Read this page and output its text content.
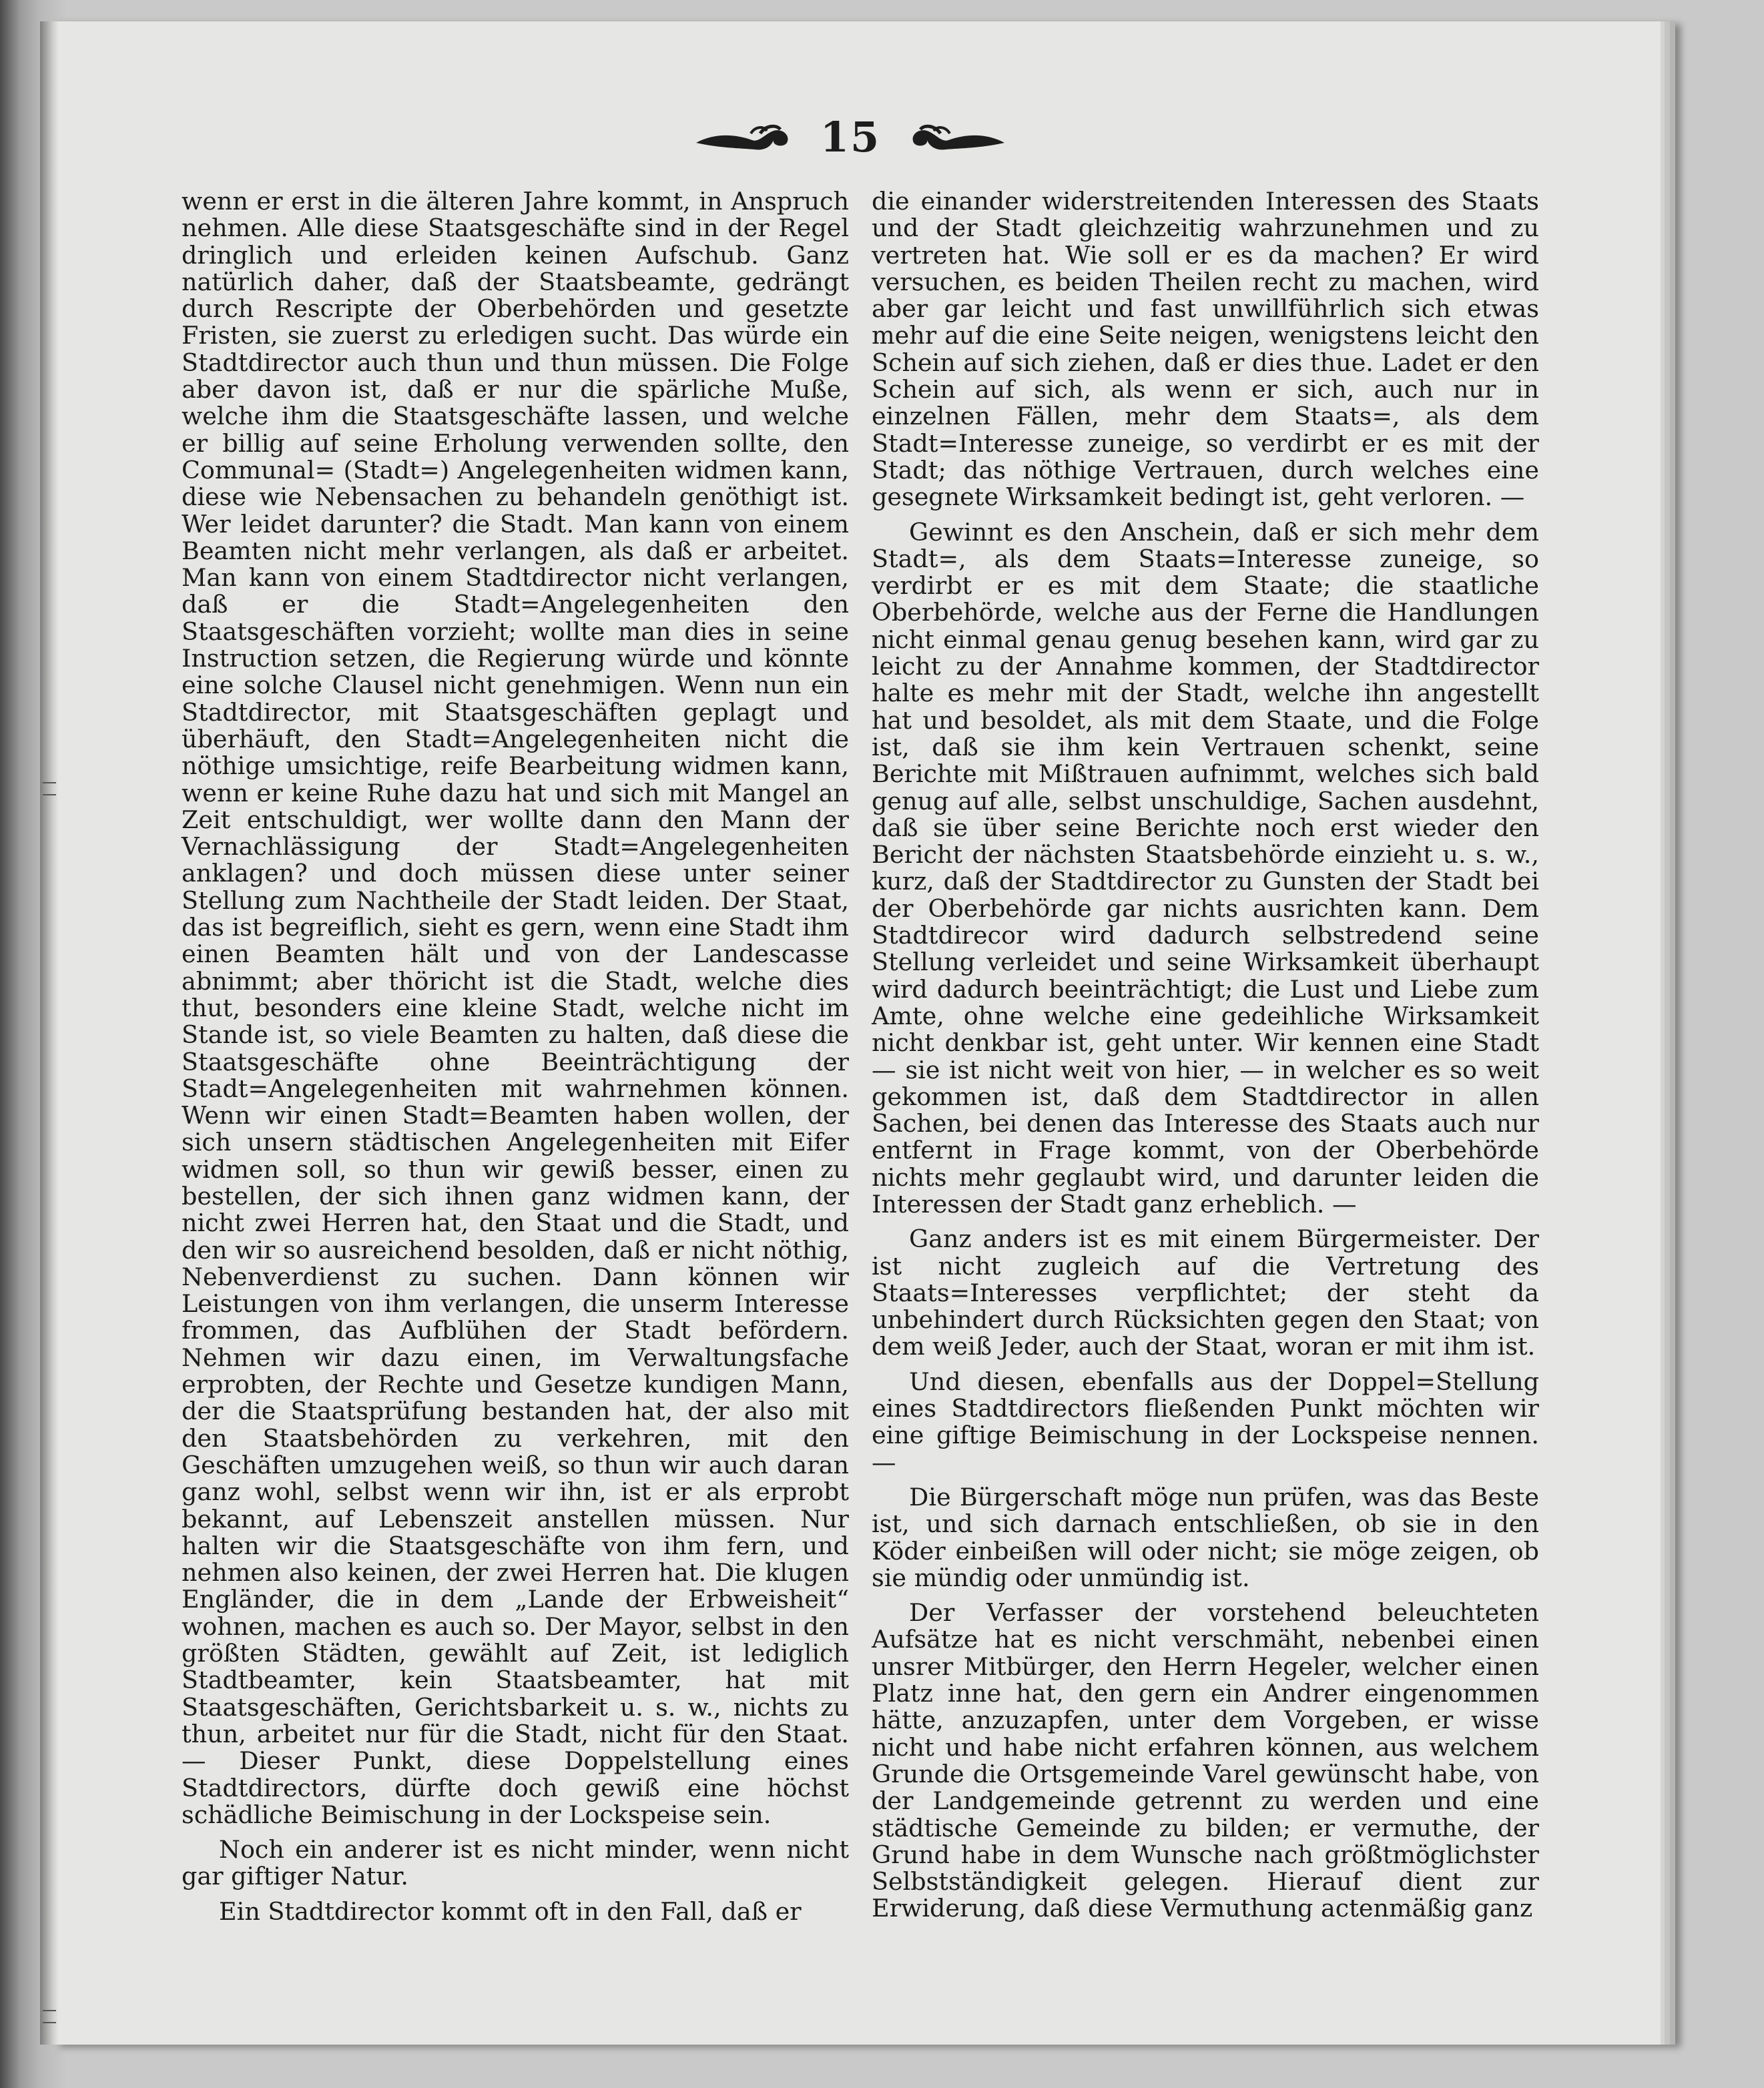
15

wenn er erst in die älteren Jahre kommt, in Anspruch nehmen. Alle diese Staatsgeschäfte sind in der Regel dringlich und erleiden keinen Aufschub. Ganz natürlich daher, daß der Staatsbeamte, gedrängt durch Rescripte der Oberbehörden und gesetzte Fristen, sie zuerst zu erledigen sucht. Das würde ein Stadtdirector auch thun und thun müssen. Die Folge aber davon ist, daß er nur die spärliche Muße, welche ihm die Staatsgeschäfte lassen, und welche er billig auf seine Erholung verwenden sollte, den Communal= (Stadt=) Angelegenheiten widmen kann, diese wie Nebensachen zu behandeln genöthigt ist. Wer leidet darunter? die Stadt. Man kann von einem Beamten nicht mehr verlangen, als daß er arbeitet. Man kann von einem Stadtdirector nicht verlangen, daß er die Stadt=Angelegenheiten den Staatsgeschäften vorzieht; wollte man dies in seine Instruction setzen, die Regierung würde und könnte eine solche Clausel nicht genehmigen. Wenn nun ein Stadtdirector, mit Staatsgeschäften geplagt und überhäuft, den Stadt=Angelegenheiten nicht die nöthige umsichtige, reife Bearbeitung widmen kann, wenn er keine Ruhe dazu hat und sich mit Mangel an Zeit entschuldigt, wer wollte dann den Mann der Vernachlässigung der Stadt=Angelegenheiten anklagen? und doch müssen diese unter seiner Stellung zum Nachtheile der Stadt leiden. Der Staat, das ist begreiflich, sieht es gern, wenn eine Stadt ihm einen Beamten hält und von der Landescasse abnimmt; aber thöricht ist die Stadt, welche dies thut, besonders eine kleine Stadt, welche nicht im Stande ist, so viele Beamten zu halten, daß diese die Staatsgeschäfte ohne Beeinträchtigung der Stadt=Angelegenheiten mit wahrnehmen können. Wenn wir einen Stadt=Beamten haben wollen, der sich unsern städtischen Angelegenheiten mit Eifer widmen soll, so thun wir gewiß besser, einen zu bestellen, der sich ihnen ganz widmen kann, der nicht zwei Herren hat, den Staat und die Stadt, und den wir so ausreichend besolden, daß er nicht nöthig, Nebenverdienst zu suchen. Dann können wir Leistungen von ihm verlangen, die unserm Interesse frommen, das Aufblühen der Stadt befördern. Nehmen wir dazu einen, im Verwaltungsfache erprobten, der Rechte und Gesetze kundigen Mann, der die Staatsprüfung bestanden hat, der also mit den Staatsbehörden zu verkehren, mit den Geschäften umzugehen weiß, so thun wir auch daran ganz wohl, selbst wenn wir ihn, ist er als erprobt bekannt, auf Lebenszeit anstellen müssen. Nur halten wir die Staatsgeschäfte von ihm fern, und nehmen also keinen, der zwei Herren hat. Die klugen Engländer, die in dem „Lande der Erbweisheit“ wohnen, machen es auch so. Der Mayor, selbst in den größten Städten, gewählt auf Zeit, ist lediglich Stadtbeamter, kein Staatsbeamter, hat mit Staatsgeschäften, Gerichtsbarkeit u. s. w., nichts zu thun, arbeitet nur für die Stadt, nicht für den Staat. — Dieser Punkt, diese Doppelstellung eines Stadtdirectors, dürfte doch gewiß eine höchst schädliche Beimischung in der Lockspeise sein.

Noch ein anderer ist es nicht minder, wenn nicht gar giftiger Natur.

Ein Stadtdirector kommt oft in den Fall, daß er

die einander widerstreitenden Interessen des Staats und der Stadt gleichzeitig wahrzunehmen und zu vertreten hat. Wie soll er es da machen? Er wird versuchen, es beiden Theilen recht zu machen, wird aber gar leicht und fast unwillführlich sich etwas mehr auf die eine Seite neigen, wenigstens leicht den Schein auf sich ziehen, daß er dies thue. Ladet er den Schein auf sich, als wenn er sich, auch nur in einzelnen Fällen, mehr dem Staats=, als dem Stadt=Interesse zuneige, so verdirbt er es mit der Stadt; das nöthige Vertrauen, durch welches eine gesegnete Wirksamkeit bedingt ist, geht verloren. —

Gewinnt es den Anschein, daß er sich mehr dem Stadt=, als dem Staats=Interesse zuneige, so verdirbt er es mit dem Staate; die staatliche Oberbehörde, welche aus der Ferne die Handlungen nicht einmal genau genug besehen kann, wird gar zu leicht zu der Annahme kommen, der Stadtdirector halte es mehr mit der Stadt, welche ihn angestellt hat und besoldet, als mit dem Staate, und die Folge ist, daß sie ihm kein Vertrauen schenkt, seine Berichte mit Mißtrauen aufnimmt, welches sich bald genug auf alle, selbst unschuldige, Sachen ausdehnt, daß sie über seine Berichte noch erst wieder den Bericht der nächsten Staatsbehörde einzieht u. s. w., kurz, daß der Stadtdirector zu Gunsten der Stadt bei der Oberbehörde gar nichts ausrichten kann. Dem Stadtdirecor wird dadurch selbstredend seine Stellung verleidet und seine Wirksamkeit überhaupt wird dadurch beeinträchtigt; die Lust und Liebe zum Amte, ohne welche eine gedeihliche Wirksamkeit nicht denkbar ist, geht unter. Wir kennen eine Stadt — sie ist nicht weit von hier, — in welcher es so weit gekommen ist, daß dem Stadtdirector in allen Sachen, bei denen das Interesse des Staats auch nur entfernt in Frage kommt, von der Oberbehörde nichts mehr geglaubt wird, und darunter leiden die Interessen der Stadt ganz erheblich. —

Ganz anders ist es mit einem Bürgermeister. Der ist nicht zugleich auf die Vertretung des Staats=Interesses verpflichtet; der steht da unbehindert durch Rücksichten gegen den Staat; von dem weiß Jeder, auch der Staat, woran er mit ihm ist.

Und diesen, ebenfalls aus der Doppel=Stellung eines Stadtdirectors fließenden Punkt möchten wir eine giftige Beimischung in der Lockspeise nennen. —

Die Bürgerschaft möge nun prüfen, was das Beste ist, und sich darnach entschließen, ob sie in den Köder einbeißen will oder nicht; sie möge zeigen, ob sie mündig oder unmündig ist.

Der Verfasser der vorstehend beleuchteten Aufsätze hat es nicht verschmäht, nebenbei einen unsrer Mitbürger, den Herrn Hegeler, welcher einen Platz inne hat, den gern ein Andrer eingenommen hätte, anzuzapfen, unter dem Vorgeben, er wisse nicht und habe nicht erfahren können, aus welchem Grunde die Ortsgemeinde Varel gewünscht habe, von der Landgemeinde getrennt zu werden und eine städtische Gemeinde zu bilden; er vermuthe, der Grund habe in dem Wunsche nach größtmöglichster Selbstständigkeit gelegen. Hierauf dient zur Erwiderung, daß diese Vermuthung actenmäßig ganz
